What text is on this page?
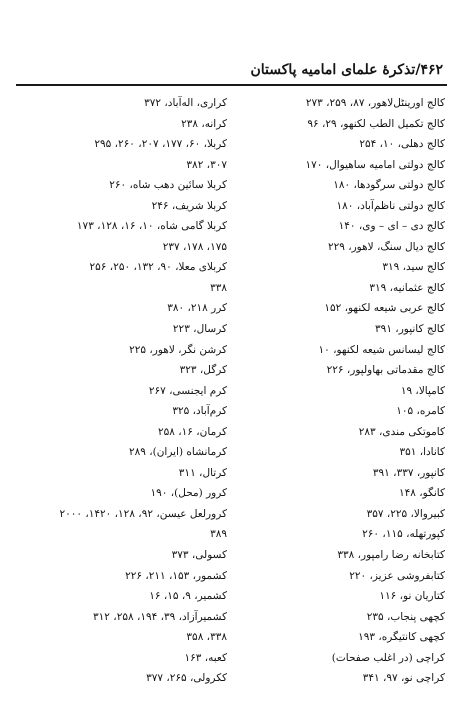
۴۶۲/تذکرهٔ علمای امامیه پاکستان
کالج اورینٹل‌لاهور، ۸۷، ۲۵۹، ۲۷۳
کالج تکمیل الطب لکنهو، ۲۹، ۹۶
کالج دهلی، ۱۰، ۲۵۴
کالج دولتی امامیه ساهیوال، ۱۷۰
کالج دولتی سرگودها، ۱۸۰
کالج دولتی ناظم‌آباد، ۱۸۰
کالج دی – ای – وی، ۱۴۰
کالج دیال سنگ، لاهور، ۲۲۹
کالج سید، ۳۱۹
کالج عثمانیه، ۳۱۹
کالج عربی شیعه لکنهو، ۱۵۲
کالج کانپور، ۳۹۱
کالج لیسانس شیعه لکنهو، ۱۰
کالج مقدماتی بهاولپور، ۲۲۶
کامپالا، ۱۹
کامره، ۱۰۵
کاموتکی مندی، ۲۸۳
کانادا، ۳۵۱
کانپور، ۳۳۷، ۳۹۱
کانگو، ۱۴۸
کبیروالا، ۲۲۵، ۳۵۷
کپورتهله، ۱۱۵، ۲۶۰
کتابخانه رضا رامپور، ۳۳۸
کتابفروشی عزیز، ۲۲۰
کتاریان نو، ۱۱۶
کچهی پنجاب، ۲۳۵
کچهی کانتیگره، ۱۹۳
کراچی (در اغلب صفحات)
کراچی نو، ۹۷، ۳۴۱
کراری، اله‌آباد، ۳۷۲
کرانه، ۲۳۸
کربلا، ۶۰، ۱۷۷، ۲۰۷، ۲۶۰، ۲۹۵
۳۰۷، ۳۸۲
کربلا سائین دهب شاه، ۲۶۰
کربلا شریف، ۲۴۶
کربلا گامی شاه، ۱۰، ۱۶، ۱۲۸، ۱۷۳
۱۷۵، ۱۷۸، ۲۳۷
کربلای معلا، ۹۰، ۱۳۲، ۲۵۰، ۲۵۶
۳۳۸
کرر ۲۱۸، ۳۸۰
کرسال، ۲۲۳
کرشن نگر، لاهور، ۲۲۵
کرگل، ۳۲۳
کرم ایجنسی، ۲۶۷
کرم‌آباد، ۳۲۵
کرمان، ۱۶، ۲۵۸
کرمانشاه (ایران)، ۲۸۹
کرتال، ۳۱۱
کرور (محل)، ۱۹۰
کرورلعل عیسن، ۹۲، ۱۲۸، ۱۴۲۰، ۲۰۰۰
۳۸۹
کسولی، ۳۷۳
کشمور، ۱۵۳، ۲۱۱، ۲۲۶
کشمیر، ۹، ۱۵، ۱۶
کشمیرآزاد، ۳۹، ۱۹۴، ۲۵۸، ۳۱۲
۳۳۸، ۳۵۸
کعبه، ۱۶۳
ککرولی، ۲۶۵، ۳۷۷
